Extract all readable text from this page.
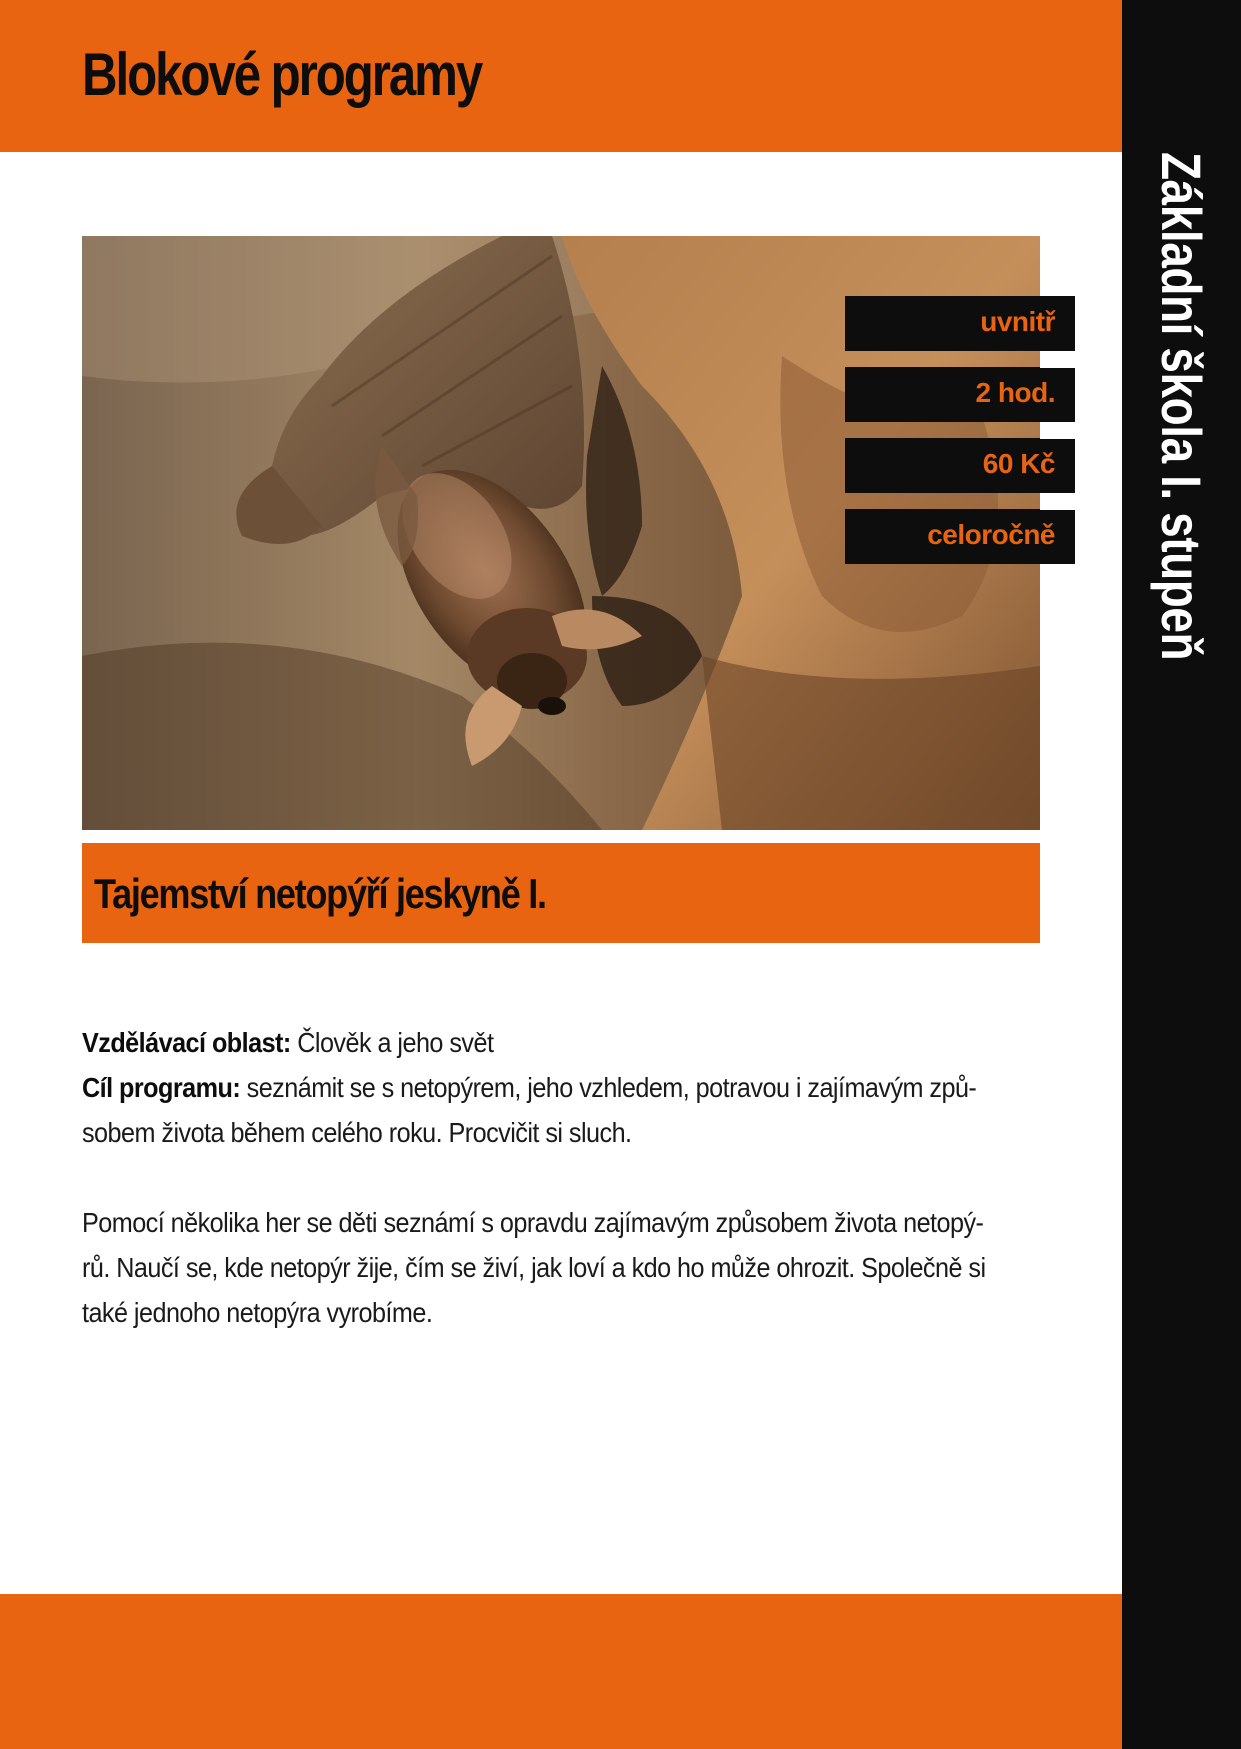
Blokové programy
Základní škola I. stupeň
uvnitř
2 hod.
60 Kč
celoročně
Tajemství netopýří jeskyně I.
Vzdělávací oblast: Člověk a jeho svět
Cíl programu: seznámit se s netopýrem, jeho vzhledem, potravou i zajímavým způ-
sobem života během celého roku. Procvičit si sluch.
Pomocí několika her se děti seznámí s opravdu zajímavým způsobem života netopý-
rů. Naučí se, kde netopýr žije, čím se živí, jak loví a kdo ho může ohrozit. Společně si
také jednoho netopýra vyrobíme.
